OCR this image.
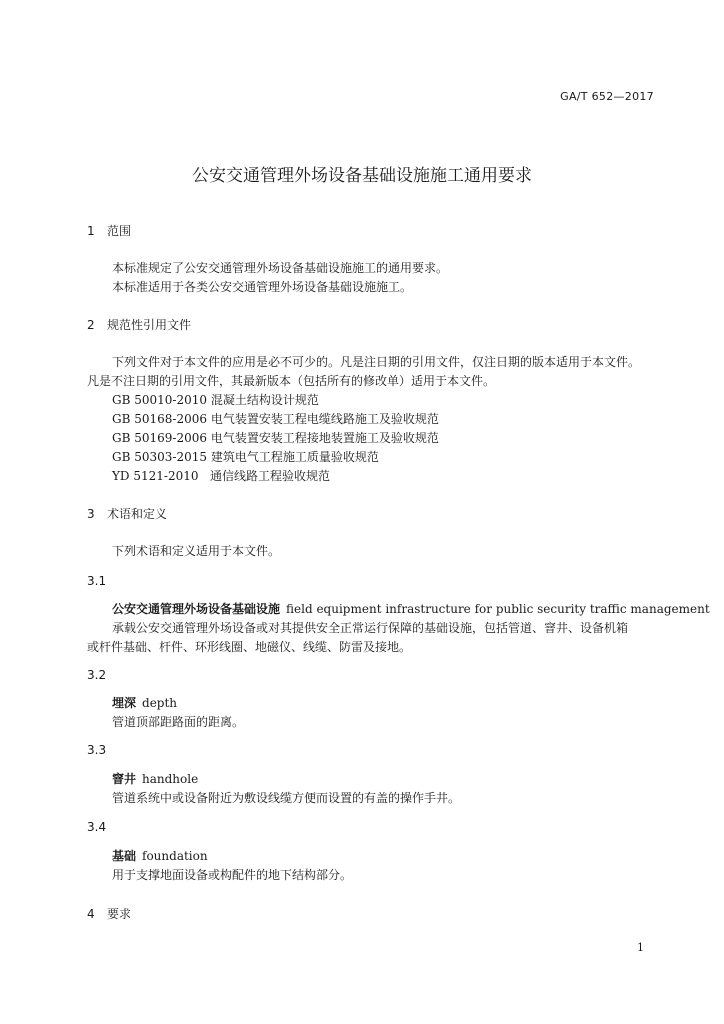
GA/T 652—2017
公安交通管理外场设备基础设施施工通用要求
1 范围
本标准规定了公安交通管理外场设备基础设施施工的通用要求。
本标准适用于各类公安交通管理外场设备基础设施施工。
2 规范性引用文件
下列文件对于本文件的应用是必不可少的。凡是注日期的引用文件，仅注日期的版本适用于本文件。
凡是不注日期的引用文件，其最新版本（包括所有的修改单）适用于本文件。
GB 50010-2010 混凝土结构设计规范
GB 50168-2006 电气装置安装工程电缆线路施工及验收规范
GB 50169-2006 电气装置安装工程接地装置施工及验收规范
GB 50303-2015 建筑电气工程施工质量验收规范
YD 5121-2010 通信线路工程验收规范
3 术语和定义
下列术语和定义适用于本文件。
3.1
公安交通管理外场设备基础设施 field equipment infrastructure for public security traffic management
承载公安交通管理外场设备或对其提供安全正常运行保障的基础设施，包括管道、窨井、设备机箱
或杆件基础、杆件、环形线圈、地磁仪、线缆、防雷及接地。
3.2
埋深 depth
管道顶部距路面的距离。
3.3
窨井 handhole
管道系统中或设备附近为敷设线缆方便而设置的有盖的操作手井。
3.4
基础 foundation
用于支撑地面设备或构配件的地下结构部分。
4 要求
1
